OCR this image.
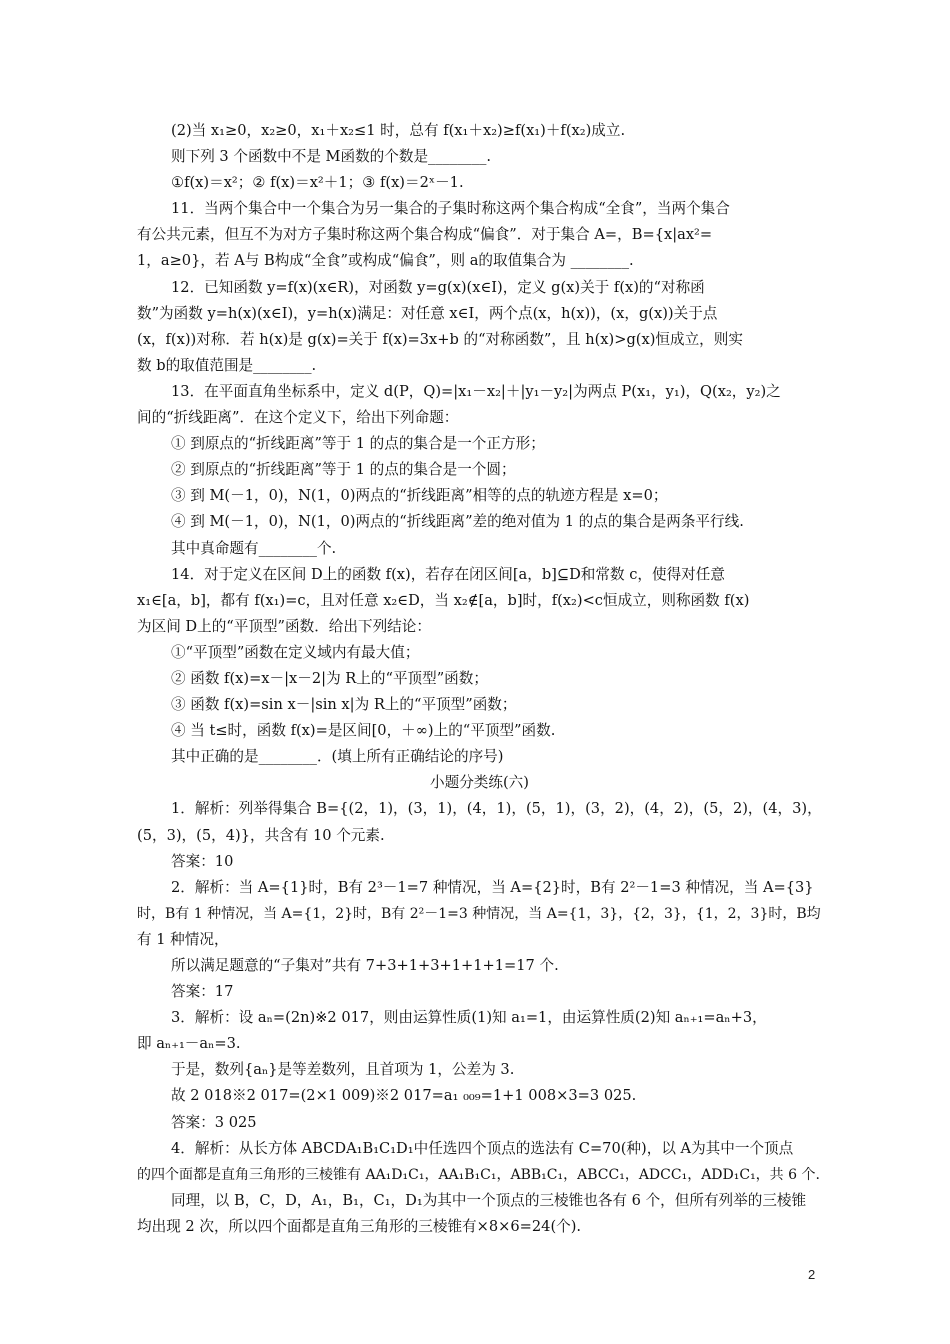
(2)当 x₁≥0，x₂≥0，x₁＋x₂≤1 时，总有 f(x₁＋x₂)≥f(x₁)＋f(x₂)成立.
则下列 3 个函数中不是 M函数的个数是________.
①f(x)＝x²；② f(x)＝x²＋1；③ f(x)＝2ˣ－1.
11．当两个集合中一个集合为另一集合的子集时称这两个集合构成“全食”，当两个集合
有公共元素，但互不为对方子集时称这两个集合构成“偏食”．对于集合 A=，B={x|ax²=
1，a≥0}，若 A与 B构成“全食”或构成“偏食”，则 a的取值集合为 ________.
12．已知函数 y=f(x)(x∈R)，对函数 y=g(x)(x∈I)，定义 g(x)关于 f(x)的“对称函
数”为函数 y=h(x)(x∈I)，y=h(x)满足：对任意 x∈I，两个点(x，h(x))，(x，g(x))关于点
(x，f(x))对称．若 h(x)是 g(x)=关于 f(x)=3x+b 的“对称函数”，且 h(x)>g(x)恒成立，则实
数 b的取值范围是________.
13．在平面直角坐标系中，定义 d(P，Q)=|x₁－x₂|＋|y₁－y₂|为两点 P(x₁，y₁)，Q(x₂，y₂)之
间的“折线距离”．在这个定义下，给出下列命题：
① 到原点的“折线距离”等于 1 的点的集合是一个正方形；
② 到原点的“折线距离”等于 1 的点的集合是一个圆；
③ 到 M(－1，0)，N(1，0)两点的“折线距离”相等的点的轨迹方程是 x=0；
④ 到 M(－1，0)，N(1，0)两点的“折线距离”差的绝对值为 1 的点的集合是两条平行线.
其中真命题有________个.
14．对于定义在区间 D上的函数 f(x)，若存在闭区间[a，b]⊆D和常数 c，使得对任意
x₁∈[a，b]，都有 f(x₁)=c，且对任意 x₂∈D，当 x₂∉[a，b]时，f(x₂)<c恒成立，则称函数 f(x)
为区间 D上的“平顶型”函数．给出下列结论：
①“平顶型”函数在定义域内有最大值；
② 函数 f(x)=x－|x－2|为 R上的“平顶型”函数；
③ 函数 f(x)=sin x－|sin x|为 R上的“平顶型”函数；
④ 当 t≤时，函数 f(x)=是区间[0，＋∞)上的“平顶型”函数.
其中正确的是________．(填上所有正确结论的序号)
小题分类练(六)
1．解析：列举得集合 B={(2，1)，(3，1)，(4，1)，(5，1)，(3，2)，(4，2)，(5，2)，(4，3)，
(5，3)，(5，4)}，共含有 10 个元素.
答案：10
2．解析：当 A={1}时，B有 2³－1=7 种情况，当 A={2}时，B有 2²－1=3 种情况，当 A={3}
时，B有 1 种情况，当 A={1，2}时，B有 2²－1=3 种情况，当 A={1，3}，{2，3}，{1，2，3}时，B均
有 1 种情况，
所以满足题意的“子集对”共有 7+3+1+3+1+1+1=17 个.
答案：17
3．解析：设 aₙ=(2n)※2 017，则由运算性质(1)知 a₁=1，由运算性质(2)知 aₙ₊₁=aₙ+3，
即 aₙ₊₁－aₙ=3.
于是，数列{aₙ}是等差数列，且首项为 1，公差为 3.
故 2 018※2 017=(2×1 009)※2 017=a₁ ₀₀₉=1+1 008×3=3 025.
答案：3 025
4．解析：从长方体 ABCDA₁B₁C₁D₁中任选四个顶点的选法有 C=70(种)，以 A为其中一个顶点
的四个面都是直角三角形的三棱锥有 AA₁D₁C₁，AA₁B₁C₁，ABB₁C₁，ABCC₁，ADCC₁，ADD₁C₁，共 6 个.
同理，以 B，C，D，A₁，B₁，C₁，D₁为其中一个顶点的三棱锥也各有 6 个，但所有列举的三棱锥
均出现 2 次，所以四个面都是直角三角形的三棱锥有×8×6=24(个).
2
